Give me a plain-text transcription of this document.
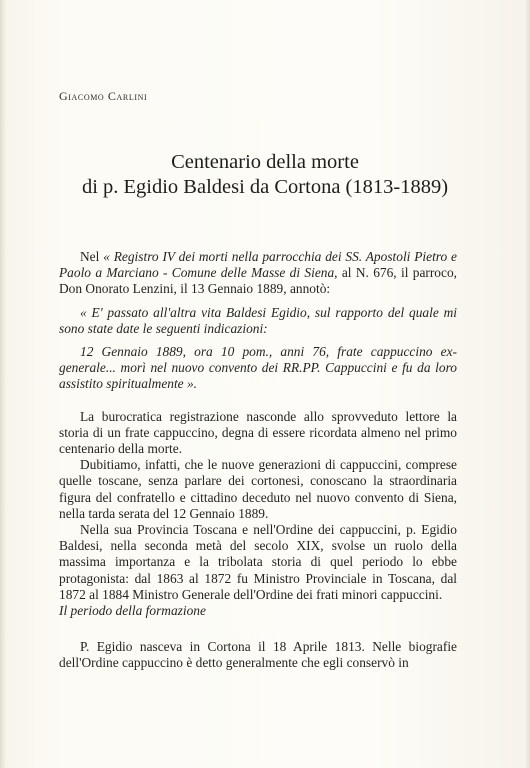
Giacomo Carlini
Centenario della morte
di p. Egidio Baldesi da Cortona (1813-1889)

Nel « Registro IV dei morti nella parrocchia dei SS. Apostoli Pietro e Paolo a Marciano - Comune delle Masse di Siena, al N. 676, il parroco, Don Onorato Lenzini, il 13 Gennaio 1889, annotò:

« E' passato all'altra vita Baldesi Egidio, sul rapporto del quale mi sono state date le seguenti indicazioni:

12 Gennaio 1889, ora 10 pom., anni 76, frate cappuccino ex-generale... morì nel nuovo convento dei RR.PP. Cappuccini e fu da loro assistito spiritualmente ».

La burocratica registrazione nasconde allo sprovveduto lettore la storia di un frate cappuccino, degna di essere ricordata almeno nel primo centenario della morte.

Dubitiamo, infatti, che le nuove generazioni di cappuccini, comprese quelle toscane, senza parlare dei cortonesi, conoscano la straordinaria figura del confratello e cittadino deceduto nel nuovo convento di Siena, nella tarda serata del 12 Gennaio 1889.

Nella sua Provincia Toscana e nell'Ordine dei cappuccini, p. Egidio Baldesi, nella seconda metà del secolo XIX, svolse un ruolo della massima importanza e la tribolata storia di quel periodo lo ebbe protagonista: dal 1863 al 1872 fu Ministro Provinciale in Toscana, dal 1872 al 1884 Ministro Generale dell'Ordine dei frati minori cappuccini.

Il periodo della formazione

P. Egidio nasceva in Cortona il 18 Aprile 1813. Nelle biografie dell'Ordine cappuccino è detto generalmente che egli conservò in
